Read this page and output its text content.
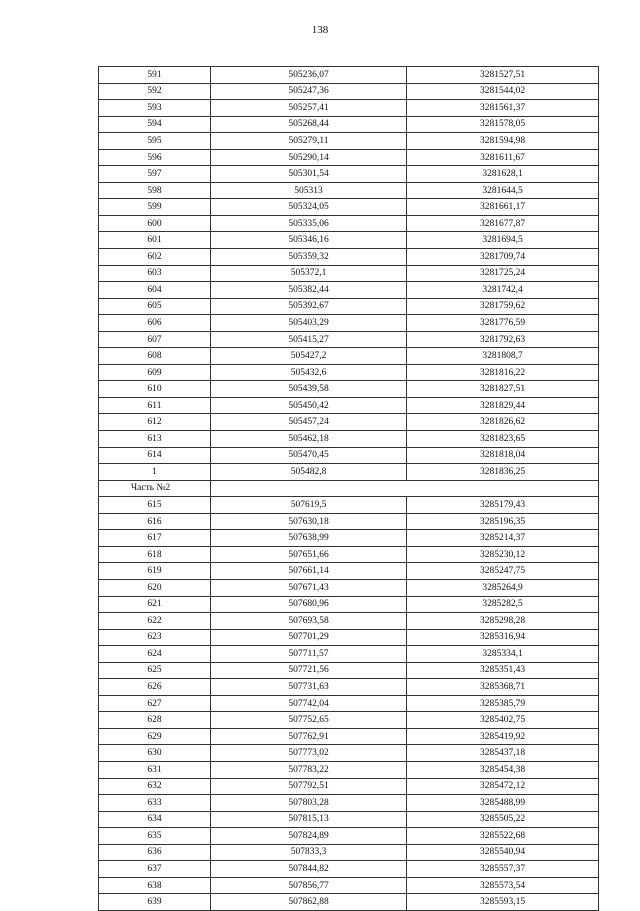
138
591	505236,07	3281527,51
592	505247,36	3281544,02
593	505257,41	3281561,37
594	505268,44	3281578,05
595	505279,11	3281594,98
596	505290,14	3281611,67
597	505301,54	3281628,1
598	505313	3281644,5
599	505324,05	3281661,17
600	505335,06	3281677,87
601	505346,16	3281694,5
602	505359,32	3281709,74
603	505372,1	3281725,24
604	505382,44	3281742,4
605	505392,67	3281759,62
606	505403,29	3281776,59
607	505415,27	3281792,63
608	505427,2	3281808,7
609	505432,6	3281816,22
610	505439,58	3281827,51
611	505450,42	3281829,44
612	505457,24	3281826,62
613	505462,18	3281823,65
614	505470,45	3281818,04
1	505482,8	3281836,25
Часть №2		
615	507619,5	3285179,43
616	507630,18	3285196,35
617	507638,99	3285214,37
618	507651,66	3285230,12
619	507661,14	3285247,75
620	507671,43	3285264,9
621	507680,96	3285282,5
622	507693,58	3285298,28
623	507701,29	3285316,94
624	507711,57	3285334,1
625	507721,56	3285351,43
626	507731,63	3285368,71
627	507742,04	3285385,79
628	507752,65	3285402,75
629	507762,91	3285419,92
630	507773,02	3285437,18
631	507783,22	3285454,38
632	507792,51	3285472,12
633	507803,28	3285488,99
634	507815,13	3285505,22
635	507824,89	3285522,68
636	507833,3	3285540,94
637	507844,82	3285557,37
638	507856,77	3285573,54
639	507862,88	3285593,15
